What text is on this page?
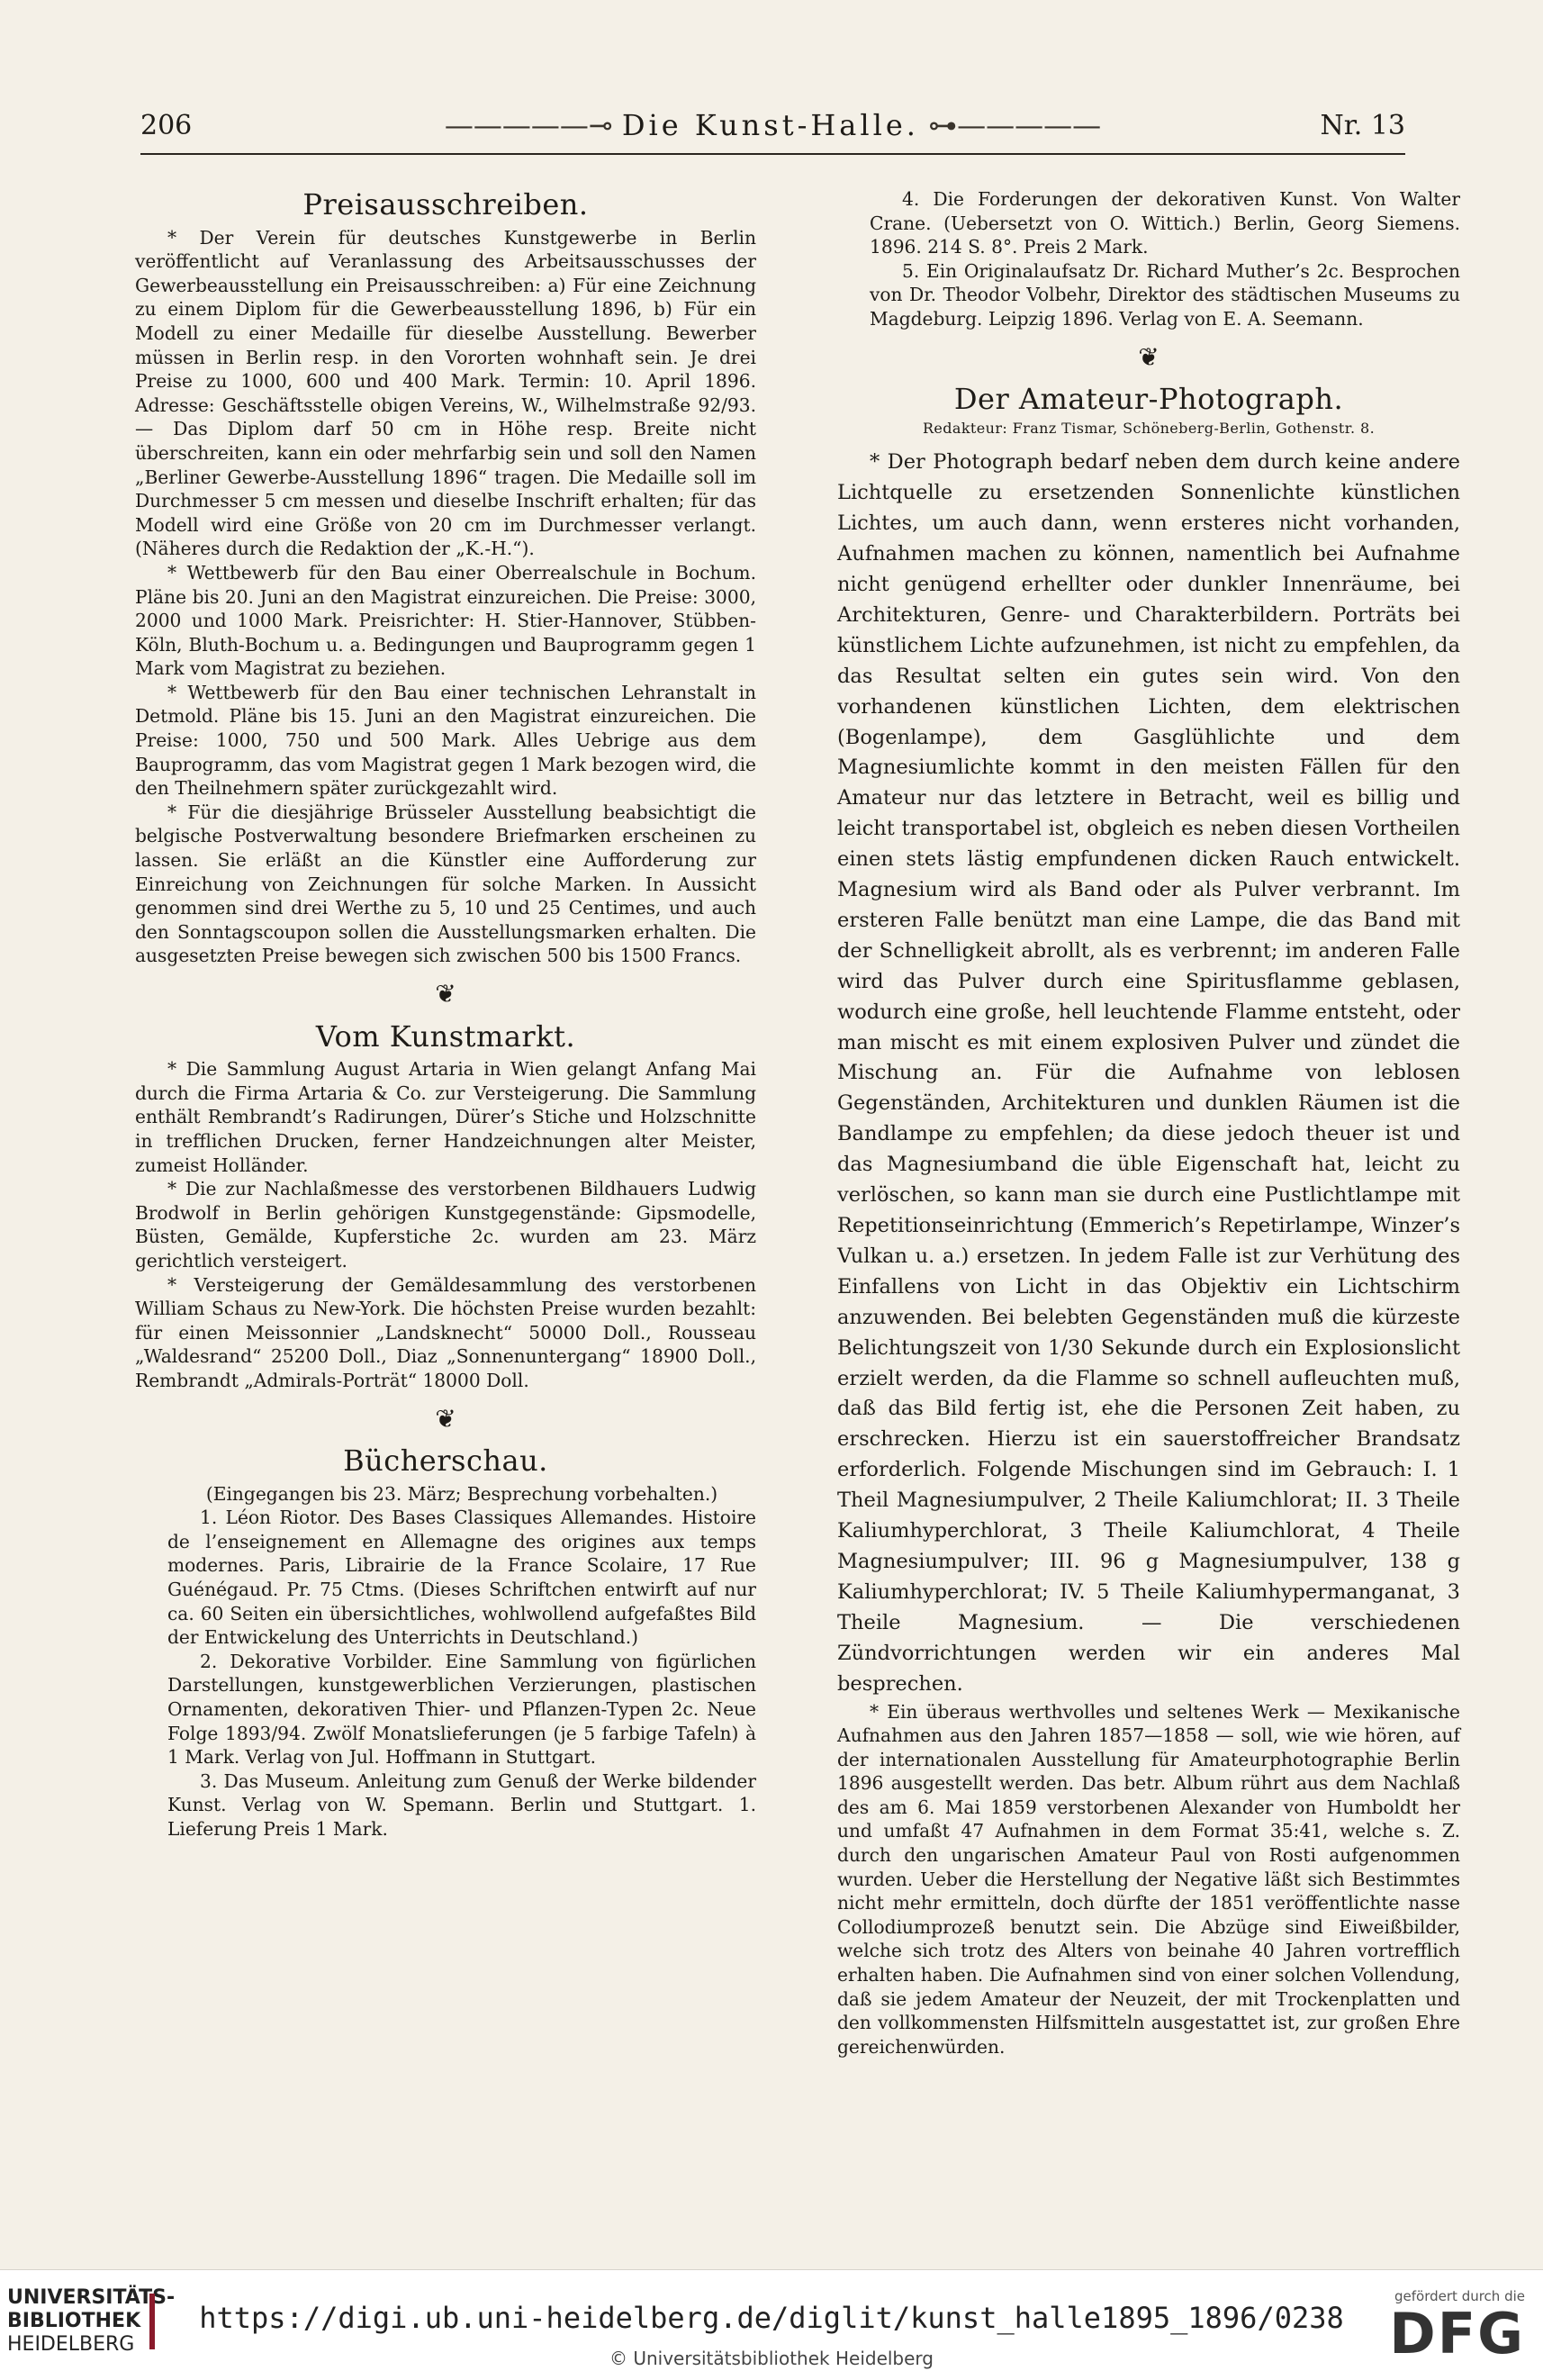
206
—————⊸	Die Kunst-Halle. ⊶—————	Nr. 13
Preisausschreiben.

* Der Verein für deutsches Kunstgewerbe in Berlin veröffentlicht auf Veranlassung des Arbeitsausschusses der Gewerbeausstellung ein Preisausschreiben: a) Für eine Zeichnung zu einem Diplom für die Gewerbeausstellung 1896, b) Für ein Modell zu einer Medaille für dieselbe Ausstellung. Bewerber müssen in Berlin resp. in den Vororten wohnhaft sein. Je drei Preise zu 1000, 600 und 400 Mark. Termin: 10. April 1896. Adresse: Geschäftsstelle obigen Vereins, W., Wilhelmstraße 92/93. — Das Diplom darf 50 cm in Höhe resp. Breite nicht überschreiten, kann ein oder mehrfarbig sein und soll den Namen „Berliner Gewerbe-Ausstellung 1896“ tragen. Die Medaille soll im Durchmesser 5 cm messen und dieselbe Inschrift erhalten; für das Modell wird eine Größe von 20 cm im Durchmesser verlangt. (Näheres durch die Redaktion der „K.-H.“).

* Wettbewerb für den Bau einer Oberrealschule in Bochum. Pläne bis 20. Juni an den Magistrat einzureichen. Die Preise: 3000, 2000 und 1000 Mark. Preisrichter: H. Stier-Hannover, Stübben-Köln, Bluth-Bochum u. a. Bedingungen und Bauprogramm gegen 1 Mark vom Magistrat zu beziehen.

* Wettbewerb für den Bau einer technischen Lehranstalt in Detmold. Pläne bis 15. Juni an den Magistrat einzureichen. Die Preise: 1000, 750 und 500 Mark. Alles Uebrige aus dem Bauprogramm, das vom Magistrat gegen 1 Mark bezogen wird, die den Theilnehmern später zurückgezahlt wird.

* Für die diesjährige Brüsseler Ausstellung beabsichtigt die belgische Postverwaltung besondere Briefmarken erscheinen zu lassen. Sie erläßt an die Künstler eine Aufforderung zur Einreichung von Zeichnungen für solche Marken. In Aussicht genommen sind drei Werthe zu 5, 10 und 25 Centimes, und auch den Sonntagscoupon sollen die Ausstellungsmarken erhalten. Die ausgesetzten Preise bewegen sich zwischen 500 bis 1500 Francs.

❦
Vom Kunstmarkt.

* Die Sammlung August Artaria in Wien gelangt Anfang Mai durch die Firma Artaria & Co. zur Versteigerung. Die Sammlung enthält Rembrandt’s Radirungen, Dürer’s Stiche und Holzschnitte in trefflichen Drucken, ferner Handzeichnungen alter Meister, zumeist Holländer.

* Die zur Nachlaßmesse des verstorbenen Bildhauers Ludwig Brodwolf in Berlin gehörigen Kunstgegenstände: Gipsmodelle, Büsten, Gemälde, Kupferstiche 2c. wurden am 23. März gerichtlich versteigert.

* Versteigerung der Gemäldesammlung des verstorbenen William Schaus zu New-York. Die höchsten Preise wurden bezahlt: für einen Meissonnier „Landsknecht“ 50000 Doll., Rousseau „Waldesrand“ 25200 Doll., Diaz „Sonnenuntergang“ 18900 Doll., Rembrandt „Admirals-Porträt“ 18000 Doll.

❦
Bücherschau.

(Eingegangen bis 23. März; Besprechung vorbehalten.)

1. Léon Riotor. Des Bases Classiques Allemandes. Histoire de l’enseignement en Allemagne des origines aux temps modernes. Paris, Librairie de la France Scolaire, 17 Rue Guénégaud. Pr. 75 Ctms. (Dieses Schriftchen entwirft auf nur ca. 60 Seiten ein übersichtliches, wohlwollend aufgefaßtes Bild der Entwickelung des Unterrichts in Deutschland.)

2. Dekorative Vorbilder. Eine Sammlung von figürlichen Darstellungen, kunstgewerblichen Verzierungen, plastischen Ornamenten, dekorativen Thier- und Pflanzen-Typen 2c. Neue Folge 1893/94. Zwölf Monatslieferungen (je 5 farbige Tafeln) à 1 Mark. Verlag von Jul. Hoffmann in Stuttgart.

3. Das Museum. Anleitung zum Genuß der Werke bildender Kunst. Verlag von W. Spemann. Berlin und Stuttgart. 1. Lieferung Preis 1 Mark.

4. Die Forderungen der dekorativen Kunst. Von Walter Crane. (Uebersetzt von O. Wittich.) Berlin, Georg Siemens. 1896. 214 S. 8°. Preis 2 Mark.

5. Ein Originalaufsatz Dr. Richard Muther’s 2c. Besprochen von Dr. Theodor Volbehr, Direktor des städtischen Museums zu Magdeburg. Leipzig 1896. Verlag von E. A. Seemann.

❦
Der Amateur-Photograph.
Redakteur: Franz Tismar, Schöneberg-Berlin, Gothenstr. 8.

* Der Photograph bedarf neben dem durch keine andere Lichtquelle zu ersetzenden Sonnenlichte künstlichen Lichtes, um auch dann, wenn ersteres nicht vorhanden, Aufnahmen machen zu können, namentlich bei Aufnahme nicht genügend erhellter oder dunkler Innenräume, bei Architekturen, Genre- und Charakterbildern. Porträts bei künstlichem Lichte aufzunehmen, ist nicht zu empfehlen, da das Resultat selten ein gutes sein wird. Von den vorhandenen künstlichen Lichten, dem elektrischen (Bogenlampe), dem Gasglühlichte und dem Magnesiumlichte kommt in den meisten Fällen für den Amateur nur das letztere in Betracht, weil es billig und leicht transportabel ist, obgleich es neben diesen Vortheilen einen stets lästig empfundenen dicken Rauch entwickelt. Magnesium wird als Band oder als Pulver verbrannt. Im ersteren Falle benützt man eine Lampe, die das Band mit der Schnelligkeit abrollt, als es verbrennt; im anderen Falle wird das Pulver durch eine Spiritusflamme geblasen, wodurch eine große, hell leuchtende Flamme entsteht, oder man mischt es mit einem explosiven Pulver und zündet die Mischung an. Für die Aufnahme von leblosen Gegenständen, Architekturen und dunklen Räumen ist die Bandlampe zu empfehlen; da diese jedoch theuer ist und das Magnesiumband die üble Eigenschaft hat, leicht zu verlöschen, so kann man sie durch eine Pustlichtlampe mit Repetitionseinrichtung (Emmerich’s Repetirlampe, Winzer’s Vulkan u. a.) ersetzen. In jedem Falle ist zur Verhütung des Einfallens von Licht in das Objektiv ein Lichtschirm anzuwenden. Bei belebten Gegenständen muß die kürzeste Belichtungszeit von 1/30 Sekunde durch ein Explosionslicht erzielt werden, da die Flamme so schnell aufleuchten muß, daß das Bild fertig ist, ehe die Personen Zeit haben, zu erschrecken. Hierzu ist ein sauerstoffreicher Brandsatz erforderlich. Folgende Mischungen sind im Gebrauch: I. 1 Theil Magnesiumpulver, 2 Theile Kaliumchlorat; II. 3 Theile Kaliumhyperchlorat, 3 Theile Kaliumchlorat, 4 Theile Magnesiumpulver; III. 96 g Magnesiumpulver, 138 g Kaliumhyperchlorat; IV. 5 Theile Kaliumhypermanganat, 3 Theile Magnesium. — Die verschiedenen Zündvorrichtungen werden wir ein anderes Mal besprechen.

* Ein überaus werthvolles und seltenes Werk — Mexikanische Aufnahmen aus den Jahren 1857—1858 — soll, wie wie hören, auf der internationalen Ausstellung für Amateurphotographie Berlin 1896 ausgestellt werden. Das betr. Album rührt aus dem Nachlaß des am 6. Mai 1859 verstorbenen Alexander von Humboldt her und umfaßt 47 Aufnahmen in dem Format 35:41, welche s. Z. durch den ungarischen Amateur Paul von Rosti aufgenommen wurden. Ueber die Herstellung der Negative läßt sich Bestimmtes nicht mehr ermitteln, doch dürfte der 1851 veröffentlichte nasse Collodiumprozeß benutzt sein. Die Abzüge sind Eiweißbilder, welche sich trotz des Alters von beinahe 40 Jahren vortrefflich erhalten haben. Die Aufnahmen sind von einer solchen Vollendung, daß sie jedem Amateur der Neuzeit, der mit Trockenplatten und den vollkommensten Hilfsmitteln ausgestattet ist, zur großen Ehre gereichenwürden.

UNIVERSITÄTS-
BIBLIOTHEK
HEIDELBERG
https://digi.ub.uni-heidelberg.de/diglit/kunst_halle1895_1896/0238
© Universitätsbibliothek Heidelberg
gefördert durch die
DFG
